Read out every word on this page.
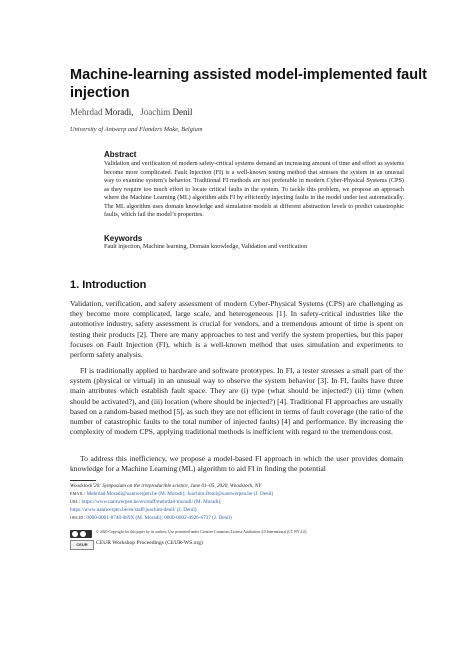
Machine-learning assisted model-implemented fault
injection
Mehrdad Moradi, Joachim Denil
University of Antwerp and Flanders Make, Belgium
Abstract
Validation and verification of modern safety-critical systems demand an increasing amount of time and effort as systems become more complicated. Fault Injection (FI) is a well-known testing method that stresses the system in an unusual way to examine system’s behavior. Traditional FI methods are not preferable in modern Cyber-Physical Systems (CPS) as they require too much effort to locate critical faults in the system. To tackle this problem, we propose an approach where the Machine Learning (ML) algorithm aids FI by efficiently injecting faults in the model under test automatically. The ML algorithm uses domain knowledge and simulation models at different abstraction levels to predict catastrophic faults, which fail the model’s properties.
Keywords
Fault injection, Machine learning, Domain knowledge, Validation and verification
1. Introduction
Validation, verification, and safety assessment of modern Cyber-Physical Systems (CPS) are challenging as they become more complicated, large scale, and heterogeneous [1]. In safety-critical industries like the automotive industry, safety assessment is crucial for vendors, and a tremendous amount of time is spent on testing their products [2]. There are many approaches to test and verify the system properties, but this paper focuses on Fault Injection (FI), which is a well-known method that uses simulation and experiments to perform safety analysis.
FI is traditionally applied to hardware and software prototypes. In FI, a tester stresses a small part of the system (physical or virtual) in an unusual way to observe the system behavior [3]. In FI, faults have three main attributes which establish fault space. They are (i) type (what should be injected?) (ii) time (when should be activated?), and (iii) location (where should be injected?) [4]. Traditional FI approaches are usually based on a random-based method [5], as such they are not efficient in terms of fault coverage (the ratio of the number of catastrophic faults to the total number of injected faults) [4] and performance. By increasing the complexity of modern CPS, applying traditional methods is inefficient with regard to the tremendous cost.
To address this inefficiency, we propose a model-based FI approach in which the user provides domain knowledge for a Machine Learning (ML) algorithm to aid FI in finding the potential
Woodstock’20: Symposium on the irreproducible science, June 01–05, 2020, Woodstock, NY
email: Mehrdad.Moradi@uantwerpen.be (M. Moradi); Joachim.Denil@uantwerpen.be (J. Denil)
url: https://www.uantwerpen.be/en/staff/mehrdad-moradi/ (M. Moradi);
https://www.uantwerpen.be/en/staff/joachim-denil/ (J. Denil)
orcid: 0000-0001-8748-069X (M. Moradi); 0000-0002-4926-6737 (J. Denil)
© 2020 Copyright for this paper by its authors. Use permitted under Creative Commons License Attribution 4.0 International (CC BY 4.0).
CEUR	CEUR Workshop Proceedings (CEUR-WS.org)
